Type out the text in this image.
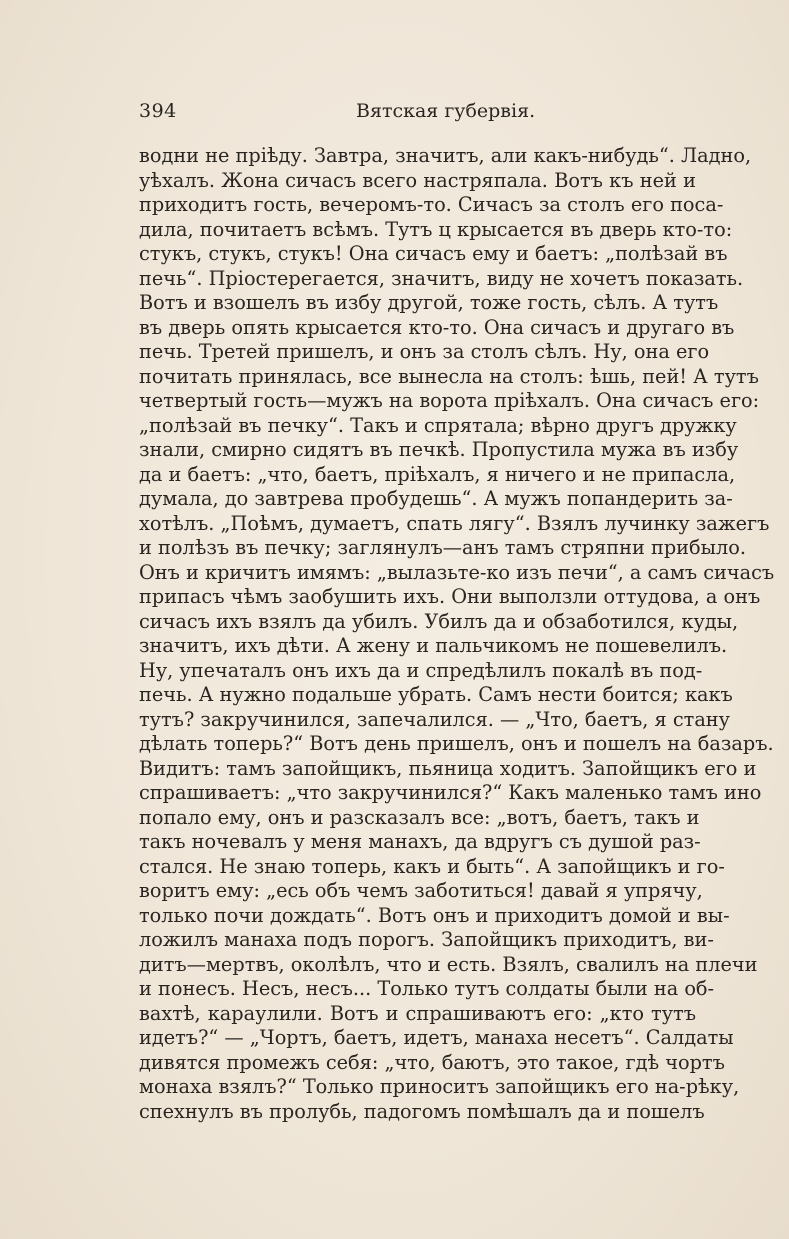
394	Вятская губервія.
водни не пріѣду. Завтра, значитъ, али какъ-нибудь“. Ладно,
уѣхалъ. Жона сичасъ всего настряпала. Вотъ къ ней и
приходитъ гость, вечеромъ-то. Сичасъ за столъ его поса-
дила, почитаетъ всѣмъ. Тутъ ц крысается въ дверь кто-то:
стукъ, стукъ, стукъ! Она сичасъ ему и баетъ: „полѣзай въ
печь“. Пріостерегается, значитъ, виду не хочетъ показать.
Вотъ и взошелъ въ избу другой, тоже гость, сѣлъ. А тутъ
въ дверь опять крысается кто-то. Она сичасъ и другаго въ
печь. Третей пришелъ, и онъ за столъ сѣлъ. Ну, она его
почитать принялась, все вынесла на столъ: ѣшь, пей! А тутъ
четвертый гость—мужъ на ворота пріѣхалъ. Она сичасъ его:
„полѣзай въ печку“. Такъ и спрятала; вѣрно другъ дружку
знали, смирно сидятъ въ печкѣ. Пропустила мужа въ избу
да и баетъ: „что, баетъ, пріѣхалъ, я ничего и не припасла,
думала, до завтрева пробудешь“. А мужъ попандерить за-
хотѣлъ. „Поѣмъ, думаетъ, спать лягу“. Взялъ лучинку зажегъ
и полѣзъ въ печку; заглянулъ—анъ тамъ стряпни прибыло.
Онъ и кричитъ имямъ: „вылазьте-ко изъ печи“, а самъ сичасъ
припасъ чѣмъ заобушить ихъ. Они выползли оттудова, а онъ
сичасъ ихъ взялъ да убилъ. Убилъ да и обзаботился, куды,
значитъ, ихъ дѣти. А жену и пальчикомъ не пошевелилъ.
Ну, упечаталъ онъ ихъ да и спредѣлилъ покалѣ въ под-
печь. А нужно подальше убрать. Самъ нести боится; какъ
тутъ? закручинился, запечалился. — „Что, баетъ, я стану
дѣлать топерь?“ Вотъ день пришелъ, онъ и пошелъ на базаръ.
Видитъ: тамъ запойщикъ, пьяница ходитъ. Запойщикъ его и
спрашиваетъ: „что закручинился?“ Какъ маленько тамъ ино
попало ему, онъ и разсказалъ все: „вотъ, баетъ, такъ и
такъ ночевалъ у меня манахъ, да вдругъ съ душой раз-
стался. Не знаю топерь, какъ и быть“. А запойщикъ и го-
воритъ ему: „есь объ чемъ заботиться! давай я упрячу,
только почи дождать“. Вотъ онъ и приходитъ домой и вы-
ложилъ манаха подъ порогъ. Запойщикъ приходитъ, ви-
дитъ—мертвъ, околѣлъ, что и есть. Взялъ, свалилъ на плечи
и понесъ. Несъ, несъ... Только тутъ солдаты были на об-
вахтѣ, караулили. Вотъ и спрашиваютъ его: „кто тутъ
идетъ?“ — „Чортъ, баетъ, идетъ, манаха несетъ“. Салдаты
дивятся промежъ себя: „что, баютъ, это такое, гдѣ чортъ
монаха взялъ?“ Только приноситъ запойщикъ его на-рѣку,
спехнулъ въ пролубь, падогомъ помѣшалъ да и пошелъ
